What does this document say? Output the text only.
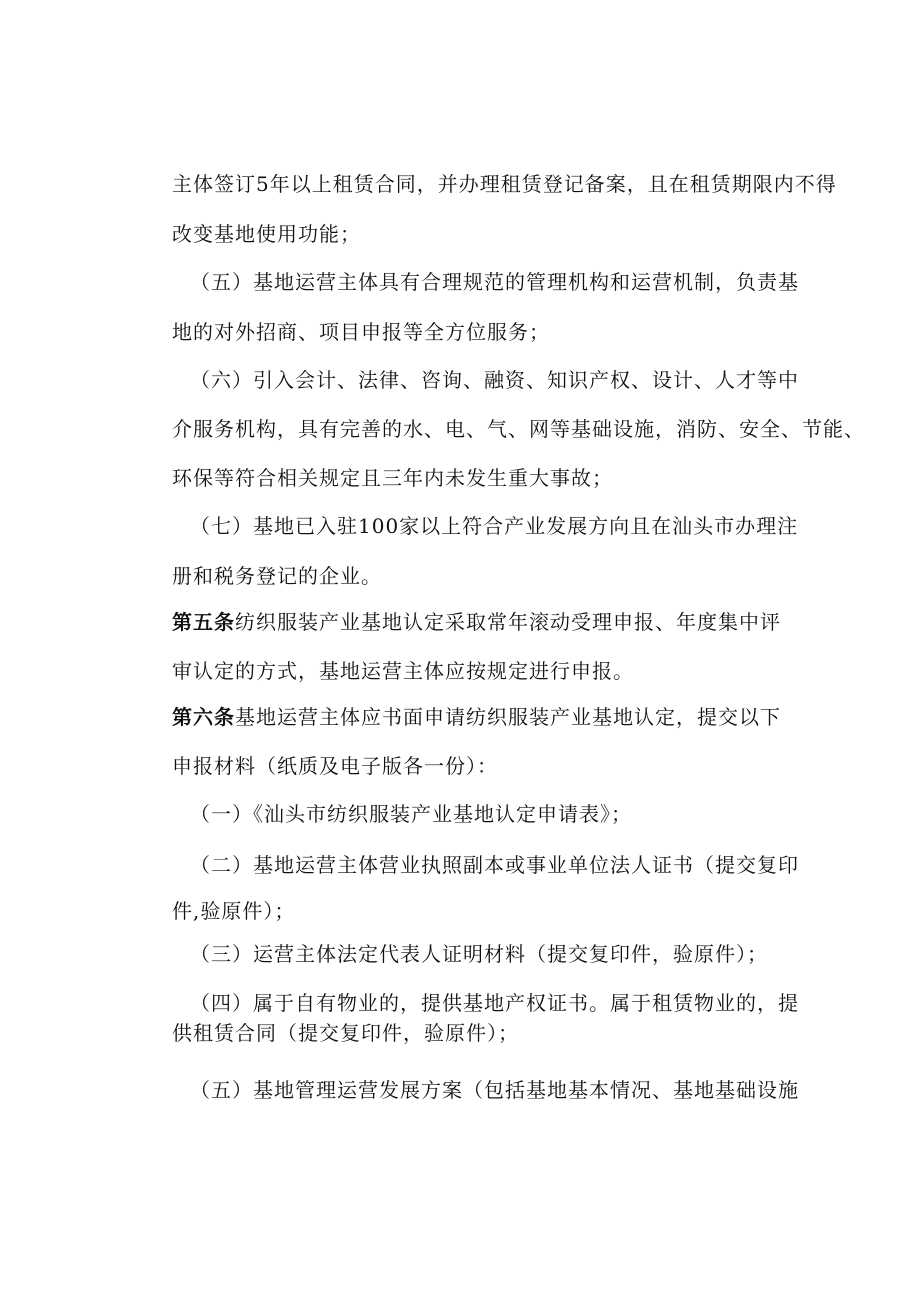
主体签订5年以上租赁合同，并办理租赁登记备案，且在租赁期限内不得
改变基地使用功能；
（五）基地运营主体具有合理规范的管理机构和运营机制，负责基
地的对外招商、项目申报等全方位服务；
（六）引入会计、法律、咨询、融资、知识产权、设计、人才等中
介服务机构，具有完善的水、电、气、网等基础设施，消防、安全、节能、
环保等符合相关规定且三年内未发生重大事故；
（七）基地已入驻100家以上符合产业发展方向且在汕头市办理注
册和税务登记的企业。
第五条纺织服装产业基地认定采取常年滚动受理申报、年度集中评
审认定的方式，基地运营主体应按规定进行申报。
第六条基地运营主体应书面申请纺织服装产业基地认定，提交以下
申报材料（纸质及电子版各一份）：
（一）《汕头市纺织服装产业基地认定申请表》；
（二）基地运营主体营业执照副本或事业单位法人证书（提交复印
件,验原件）；
（三）运营主体法定代表人证明材料（提交复印件，验原件）；
（四）属于自有物业的，提供基地产权证书。属于租赁物业的，提
供租赁合同（提交复印件，验原件）；
（五）基地管理运营发展方案（包括基地基本情况、基地基础设施
